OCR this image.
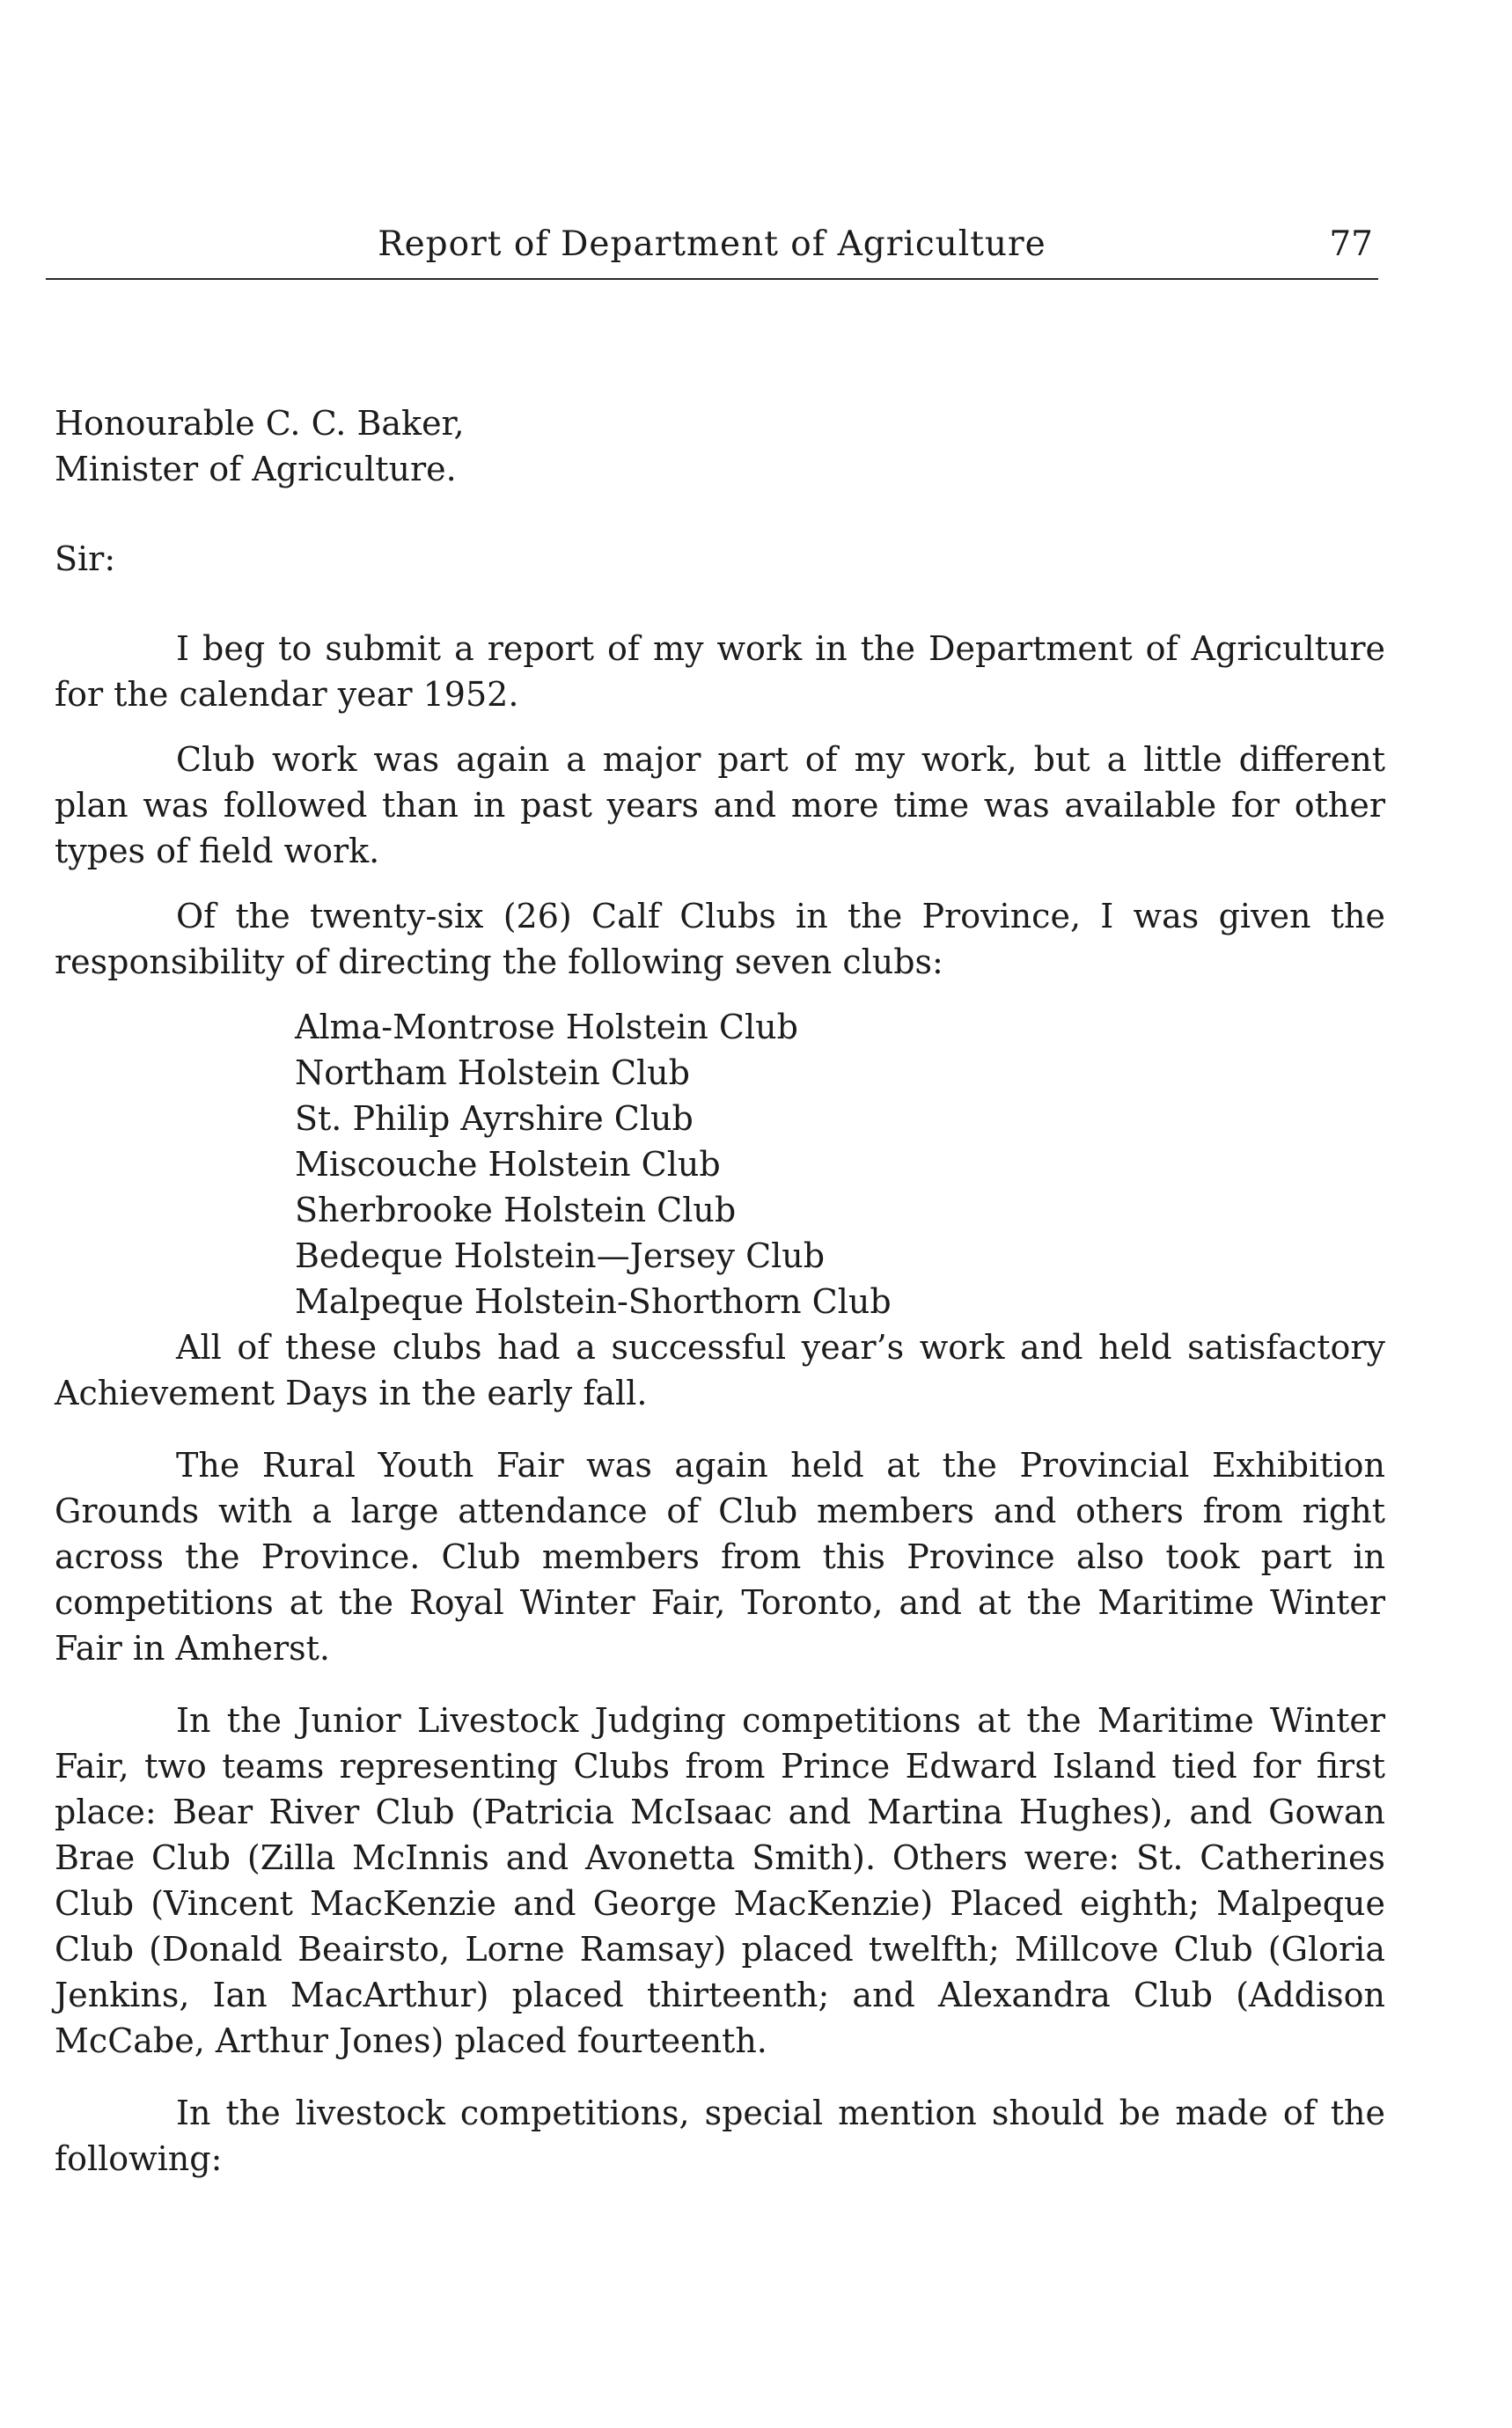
Report of Department of Agriculture	77

Honourable C. C. Baker,

Minister of Agriculture.

Sir:

I beg to submit a report of my work in the Department of Agriculture for the calendar year 1952.

Club work was again a major part of my work, but a little different plan was followed than in past years and more time was available for other types of field work.

Of the twenty-six (26) Calf Clubs in the Province, I was given the responsibility of directing the following seven clubs:

Alma-Montrose Holstein Club
Northam Holstein Club
St. Philip Ayrshire Club
Miscouche Holstein Club
Sherbrooke Holstein Club
Bedeque Holstein—Jersey Club
Malpeque Holstein-Shorthorn Club

All of these clubs had a successful year’s work and held satisfactory Achievement Days in the early fall.

The Rural Youth Fair was again held at the Provincial Exhibition Grounds with a large attendance of Club members and others from right across the Province. Club members from this Province also took part in competitions at the Royal Winter Fair, Toronto, and at the Maritime Winter Fair in Amherst.

In the Junior Livestock Judging competitions at the Maritime Winter Fair, two teams representing Clubs from Prince Edward Island tied for first place: Bear River Club (Patricia McIsaac and Martina Hughes), and Gowan Brae Club (Zilla McInnis and Avonetta Smith). Others were: St. Catherines Club (Vincent MacKenzie and George MacKenzie) Placed eighth; Malpeque Club (Donald Beairsto, Lorne Ramsay) placed twelfth; Millcove Club (Gloria Jenkins, Ian MacArthur) placed thirteenth; and Alexandra Club (Addison McCabe, Arthur Jones) placed fourteenth.

In the livestock competitions, special mention should be made of the following:
